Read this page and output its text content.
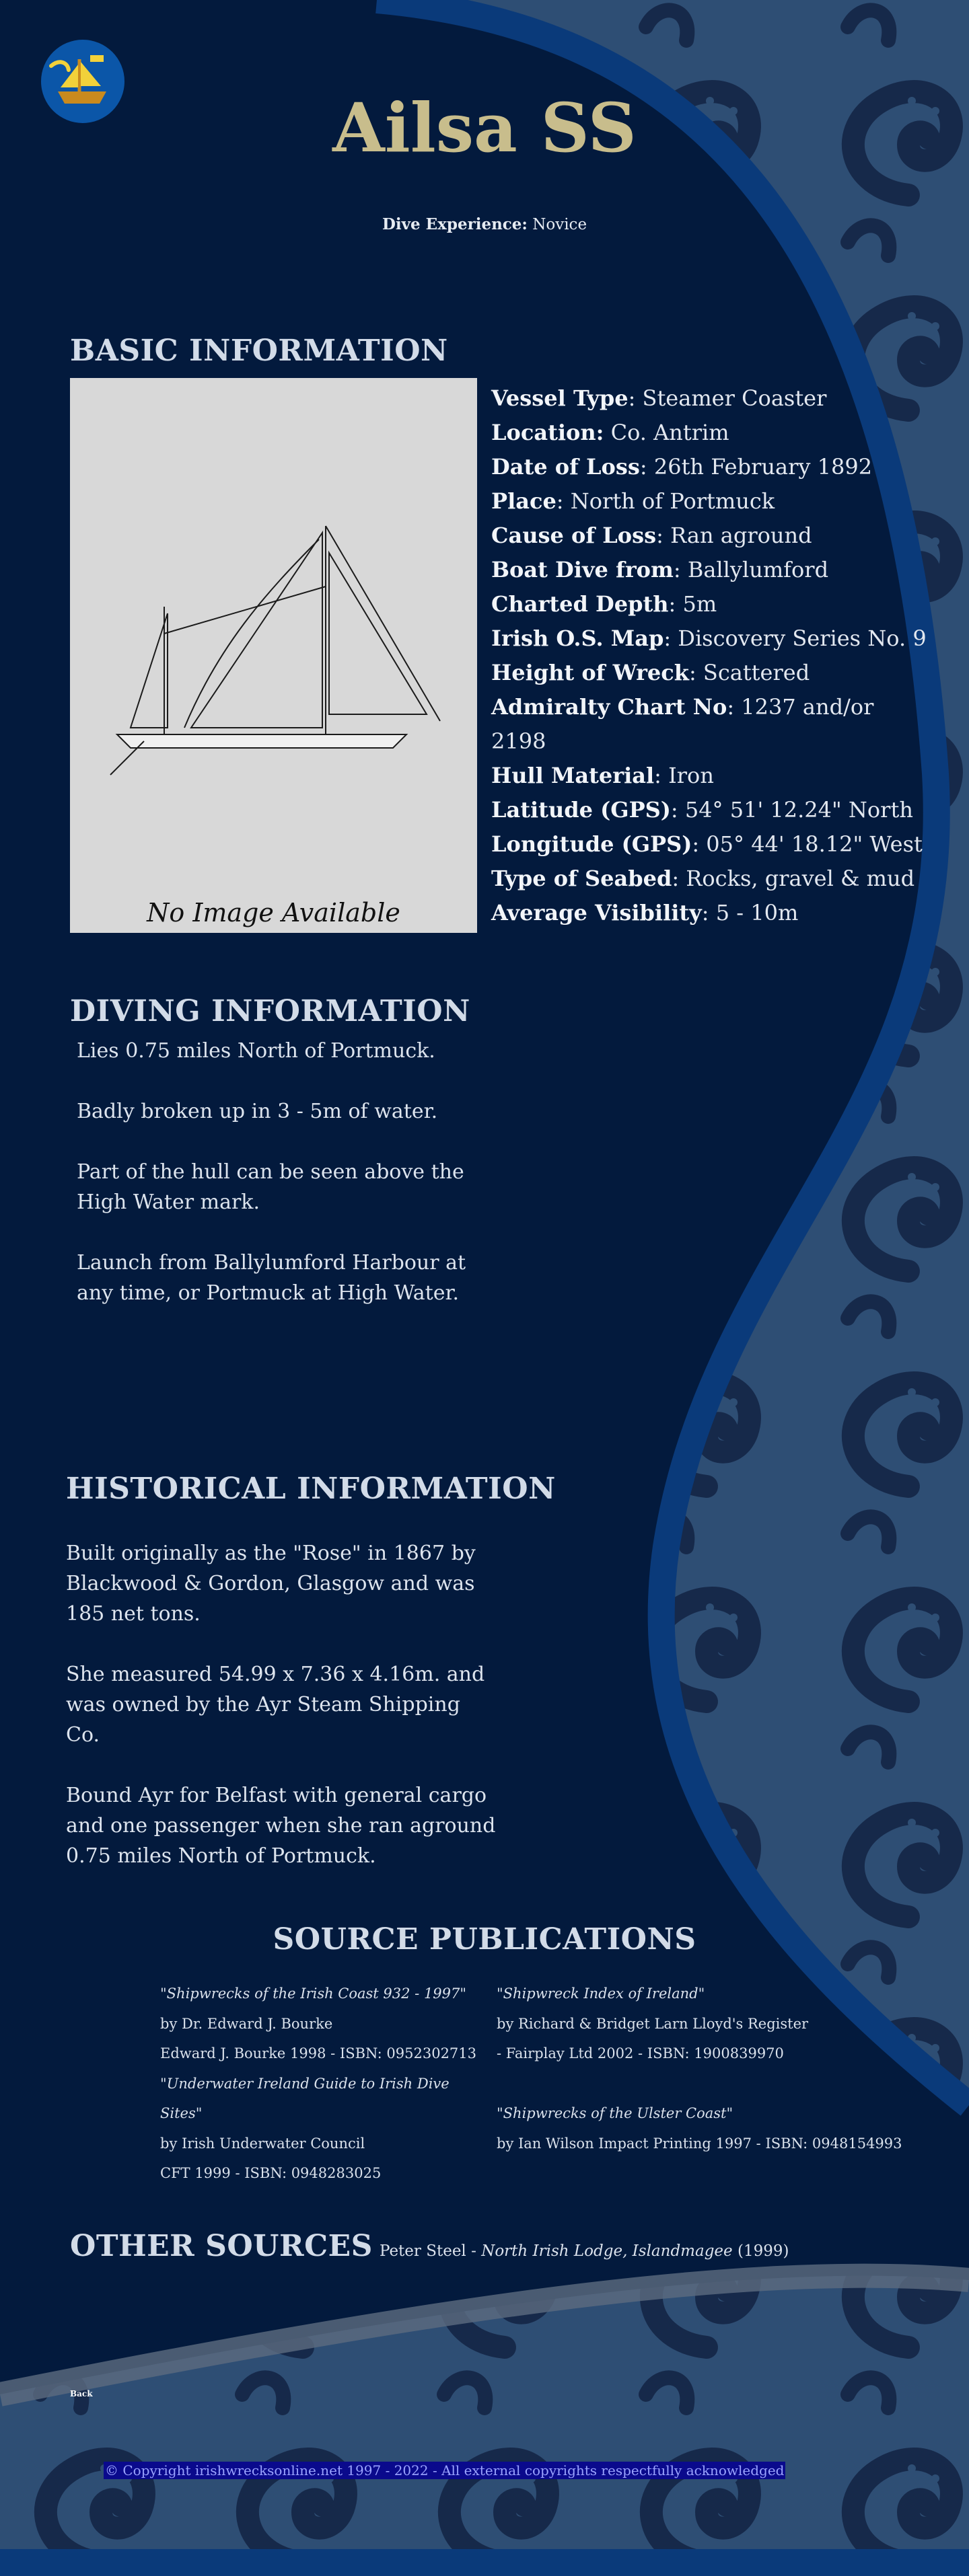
Ailsa SS
Dive Experience: Novice
BASIC INFORMATION
No Image Available
Vessel Type: Steamer Coaster
Location: Co. Antrim
Date of Loss: 26th February 1892
Place: North of Portmuck
Cause of Loss: Ran aground
Boat Dive from: Ballylumford
Charted Depth: 5m
Irish O.S. Map: Discovery Series No. 9
Height of Wreck: Scattered
Admiralty Chart No: 1237 and/or 2198
Hull Material: Iron
Latitude (GPS): 54° 51' 12.24" North
Longitude (GPS): 05° 44' 18.12" West
Type of Seabed: Rocks, gravel & mud
Average Visibility: 5 - 10m
DIVING INFORMATION

Lies 0.75 miles North of Portmuck.

Badly broken up in 3 - 5m of water.

Part of the hull can be seen above the High Water mark.

Launch from Ballylumford Harbour at any time, or Portmuck at High Water.

HISTORICAL INFORMATION

Built originally as the "Rose" in 1867 by Blackwood & Gordon, Glasgow and was 185 net tons.

She measured 54.99 x 7.36 x 4.16m. and was owned by the Ayr Steam Shipping Co.

Bound Ayr for Belfast with general cargo and one passenger when she ran aground 0.75 miles North of Portmuck.

SOURCE PUBLICATIONS
"Shipwrecks of the Irish Coast 932 - 1997"
by Dr. Edward J. Bourke
Edward J. Bourke 1998 - ISBN: 0952302713
"Underwater Ireland Guide to Irish Dive Sites"
by Irish Underwater Council
CFT 1999 - ISBN: 0948283025
"Shipwreck Index of Ireland"
by Richard & Bridget Larn Lloyd's Register
- Fairplay Ltd 2002 - ISBN: 1900839970
"Shipwrecks of the Ulster Coast"
by Ian Wilson Impact Printing 1997 - ISBN: 0948154993
OTHER SOURCES Peter Steel - North Irish Lodge, Islandmagee (1999)
Back
© Copyright irishwrecksonline.net 1997 - 2022 - All external copyrights respectfully acknowledged
